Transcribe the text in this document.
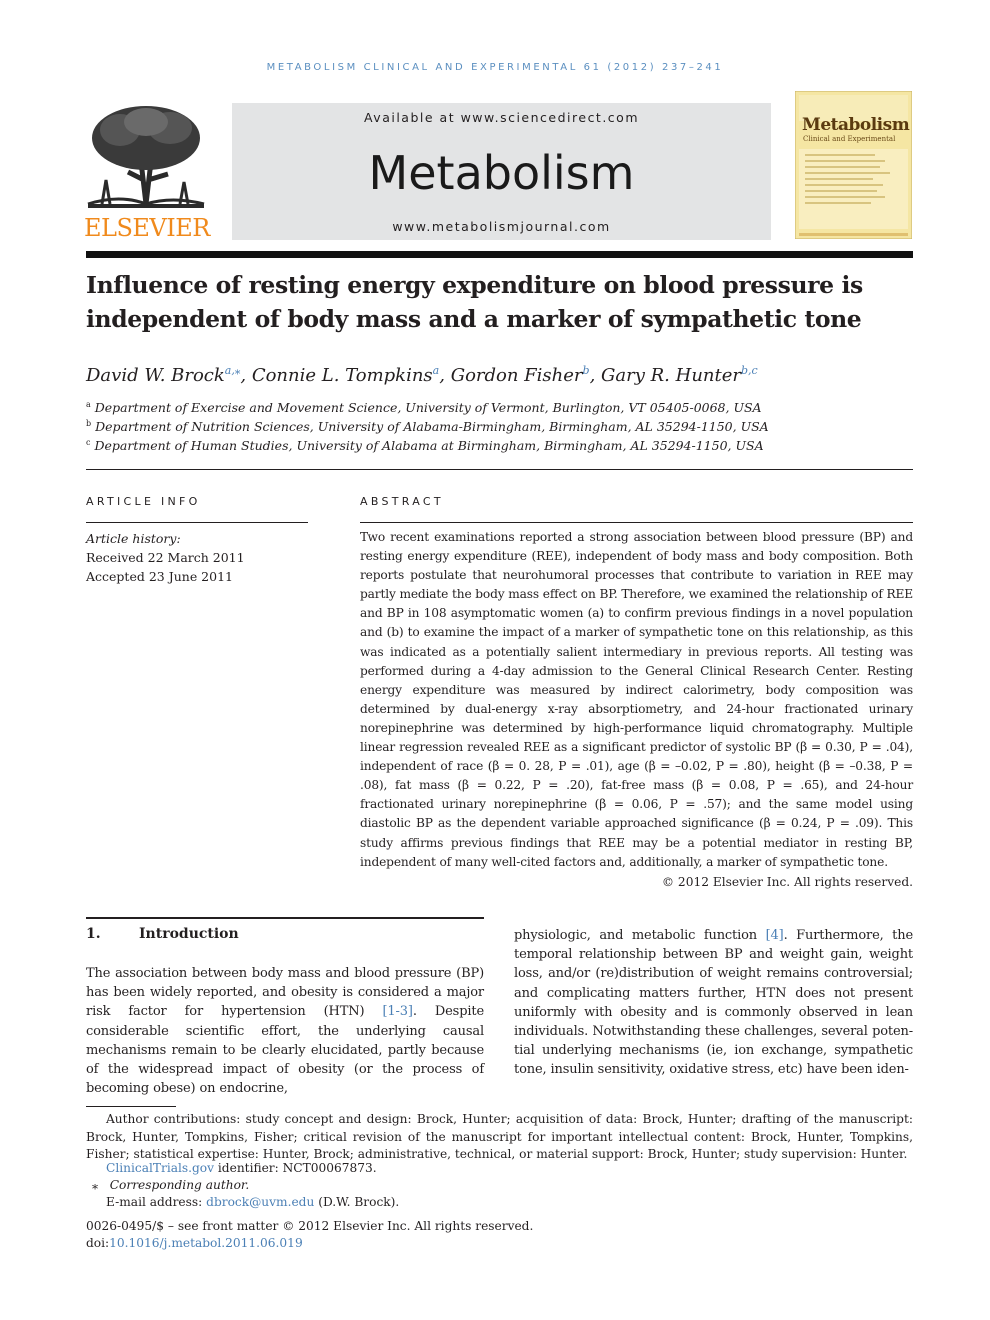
METABOLISM CLINICAL AND EXPERIMENTAL 61 (2012) 237–241
ELSEVIER
Available at www.sciencedirect.com
Metabolism
www.metabolismjournal.com
Metabolism
Clinical and Experimental
Influence of resting energy expenditure on blood pressure is
independent of body mass and a marker of sympathetic tone
David W. Brock$^{a,⁎}$, Connie L. Tompkins$^a$, Gordon Fisher$^b$, Gary R. Hunter$^{b,c}$
$^a$ Department of Exercise and Movement Science, University of Vermont, Burlington, VT 05405-0068, USA
$^b$ Department of Nutrition Sciences, University of Alabama-Birmingham, Birmingham, AL 35294-1150, USA
$^c$ Department of Human Studies, University of Alabama at Birmingham, Birmingham, AL 35294-1150, USA
ARTICLE INFO
Article history:
Received 22 March 2011
Accepted 23 June 2011
ABSTRACT
Two recent examinations reported a strong association between blood pressure (BP) and resting energy expenditure (REE), independent of body mass and body composition. Both reports postulate that neurohumoral processes that contribute to variation in REE may partly mediate the body mass effect on BP. Therefore, we examined the relationship of REE and BP in 108 asymptomatic women (a) to confirm previous findings in a novel population and (b) to examine the impact of a marker of sympathetic tone on this relationship, as this was indicated as a potentially salient intermediary in previous reports. All testing was performed during a 4-day admission to the General Clinical Research Center. Resting energy expenditure was measured by indirect calorimetry, body composition was determined by dual-energy x-ray absorptiometry, and 24-hour fractionated urinary norepinephrine was determined by high-performance liquid chromatography. Multiple linear regression revealed REE as a significant predictor of systolic BP (β = 0.30, P = .04), independent of race (β = 0. 28, P = .01), age (β = –0.02, P = .80), height (β = –0.38, P = .08), fat mass (β = 0.22, P = .20), fat-free mass (β = 0.08, P = .65), and 24-hour fractionated urinary norepinephrine (β = 0.06, P = .57); and the same model using diastolic BP as the dependent variable approached significance (β = 0.24, P = .09). This study affirms previous findings that REE may be a potential mediator in resting BP, independent of many well-cited factors and, additionally, a marker of sympathetic tone.
© 2012 Elsevier Inc. All rights reserved.
1.	Introduction
The association between body mass and blood pressure (BP) has been widely reported, and obesity is considered a major risk factor for hypertension (HTN) [1-3]. Despite considerable scientific effort, the underlying causal mechanisms remain to be clearly elucidated, partly because of the widespread impact of obesity (or the process of becoming obese) on endocrine,
physiologic, and metabolic function [4]. Furthermore, the temporal relationship between BP and weight gain, weight loss, and/or (re)distribution of weight remains controversial; and complicating matters further, HTN does not present uniformly with obesity and is commonly observed in lean individuals. Notwithstanding these challenges, several poten-tial underlying mechanisms (ie, ion exchange, sympathetic tone, insulin sensitivity, oxidative stress, etc) have been iden-
Author contributions: study concept and design: Brock, Hunter; acquisition of data: Brock, Hunter; drafting of the manuscript: Brock, Hunter, Tompkins, Fisher; critical revision of the manuscript for important intellectual content: Brock, Hunter, Tompkins, Fisher; statistical expertise: Hunter, Brock; administrative, technical, or material support: Brock, Hunter; study supervision: Hunter.
ClinicalTrials.gov identifier: NCT00067873.
⁎ Corresponding author.
E-mail address: dbrock@uvm.edu (D.W. Brock).
0026-0495/$ – see front matter © 2012 Elsevier Inc. All rights reserved.
doi:10.1016/j.metabol.2011.06.019
